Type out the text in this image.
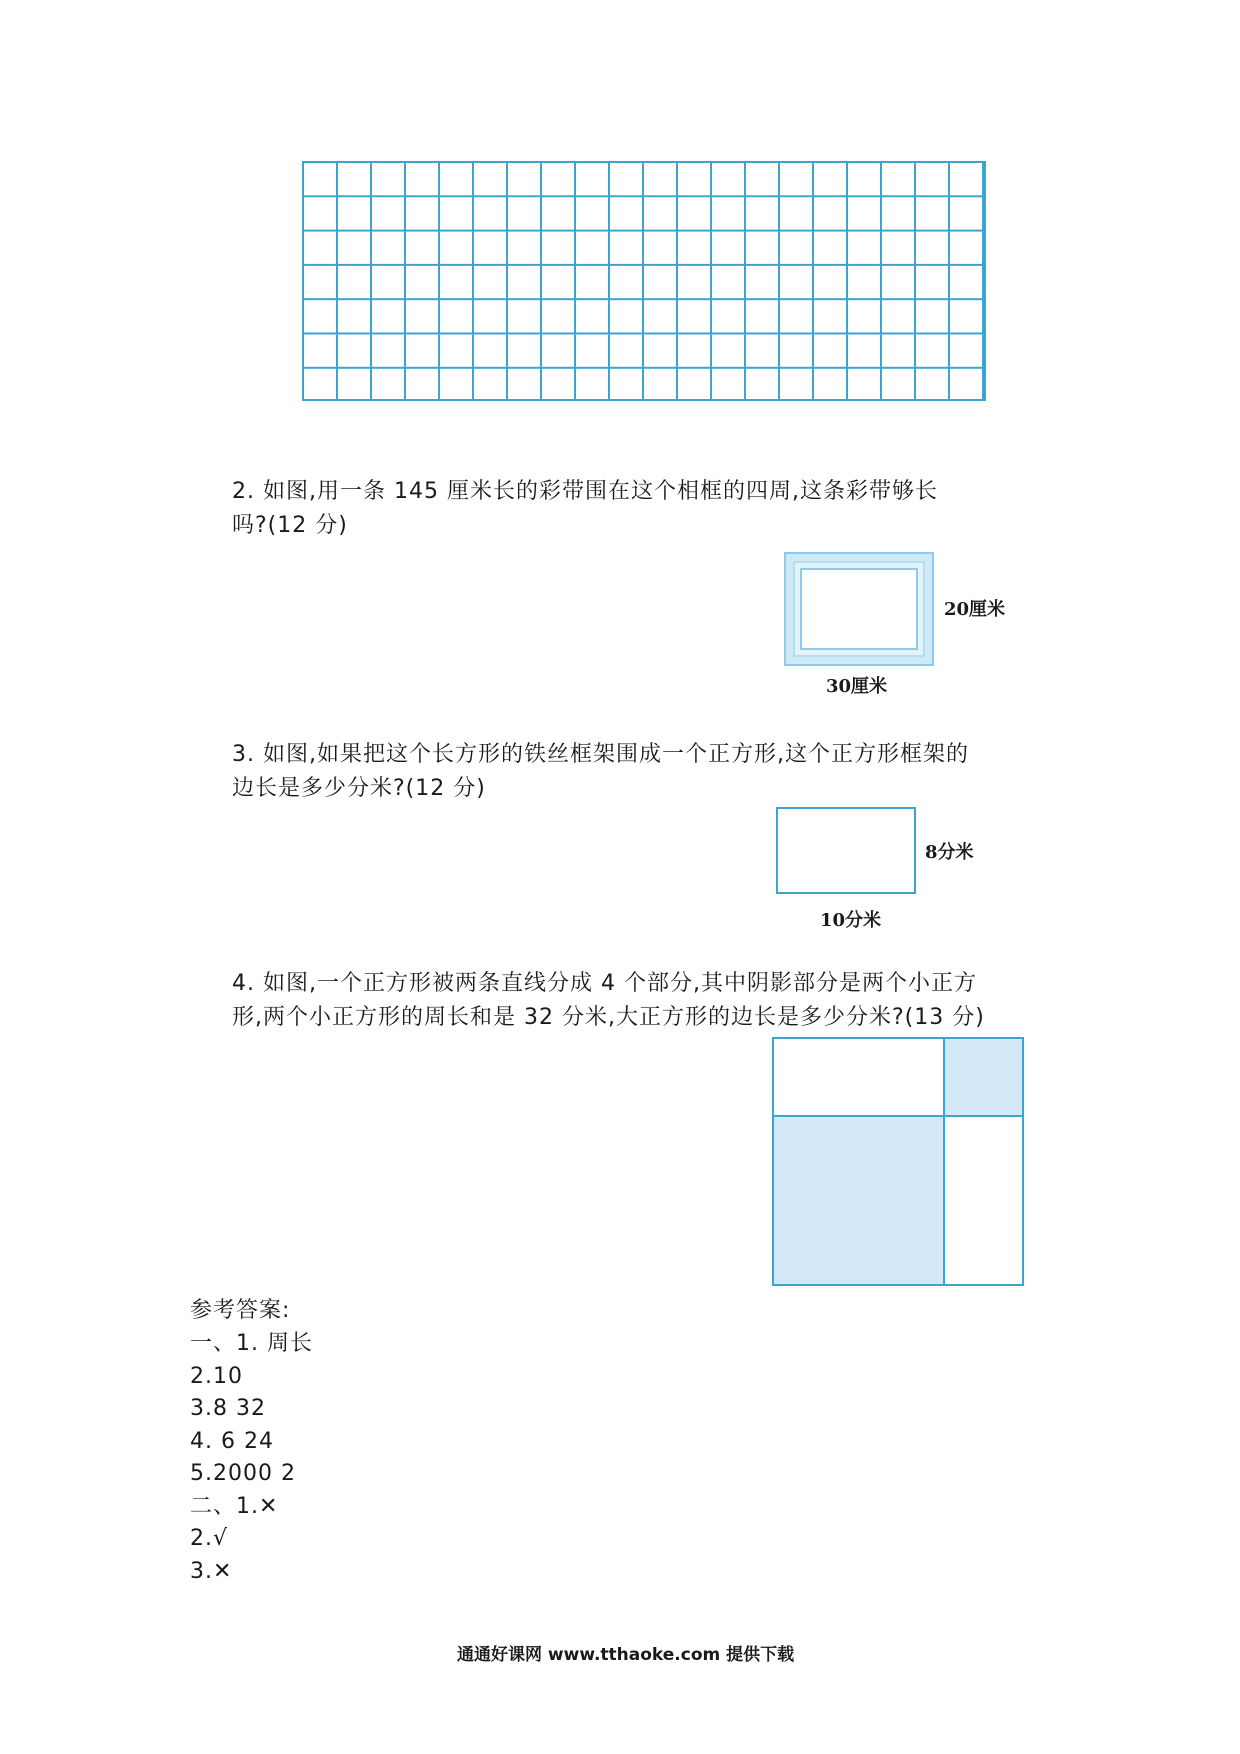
2. 如图,用一条 145 厘米长的彩带围在这个相框的四周,这条彩带够长
吗?(12 分)
20厘米
30厘米
3. 如图,如果把这个长方形的铁丝框架围成一个正方形,这个正方形框架的
边长是多少分米?(12 分)
8分米
10分米
4. 如图,一个正方形被两条直线分成 4 个部分,其中阴影部分是两个小正方
形,两个小正方形的周长和是 32 分米,大正方形的边长是多少分米?(13 分)
参考答案:
一、1. 周长
2.10
3.8 32
4. 6 24
5.2000 2
二、1.✕
2.√
3.✕
通通好课网 www.tthaoke.com 提供下载
